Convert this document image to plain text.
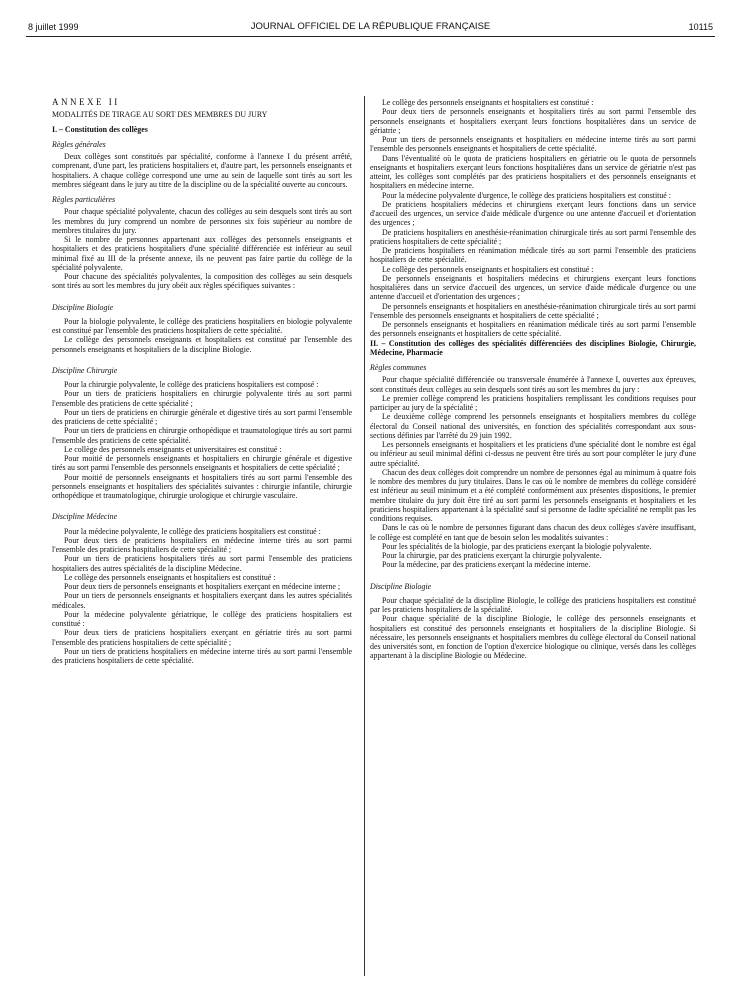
8 juillet 1999	JOURNAL OFFICIEL DE LA RÉPUBLIQUE FRANÇAISE	10115

ANNEXE II

MODALITÉS DE TIRAGE AU SORT DES MEMBRES DU JURY

I. – Constitution des collèges

Règles générales

Deux collèges sont constitués par spécialité, conforme à l'annexe I du présent arrêté, comprenant, d'une part, les praticiens hospitaliers et, d'autre part, les personnels enseignants et hospitaliers. A chaque collège correspond une urne au sein de laquelle sont tirés au sort les membres siégeant dans le jury au titre de la discipline ou de la spécialité ouverte au concours.

Règles particulières

Pour chaque spécialité polyvalente, chacun des collèges au sein desquels sont tirés au sort les membres du jury comprend un nombre de personnes six fois supérieur au nombre de membres titulaires du jury.

Si le nombre de personnes appartenant aux collèges des personnels enseignants et hospitaliers et des praticiens hospitaliers d'une spécialité différenciée est inférieur au seuil minimal fixé au III de la présente annexe, ils ne peuvent pas faire partie du collège de la spécialité polyvalente.

Pour chacune des spécialités polyvalentes, la composition des collèges au sein desquels sont tirés au sort les membres du jury obéit aux règles spécifiques suivantes :

Discipline Biologie

Pour la biologie polyvalente, le collège des praticiens hospitaliers en biologie polyvalente est constitué par l'ensemble des praticiens hospitaliers de cette spécialité.

Le collège des personnels enseignants et hospitaliers est constitué par l'ensemble des personnels enseignants et hospitaliers de la discipline Biologie.

Discipline Chirurgie

Pour la chirurgie polyvalente, le collège des praticiens hospitaliers est composé :

Pour un tiers de praticiens hospitaliers en chirurgie polyvalente tirés au sort parmi l'ensemble des praticiens de cette spécialité ;

Pour un tiers de praticiens en chirurgie générale et digestive tirés au sort parmi l'ensemble des praticiens de cette spécialité ;

Pour un tiers de praticiens en chirurgie orthopédique et traumatologique tirés au sort parmi l'ensemble des praticiens de cette spécialité.

Le collège des personnels enseignants et universitaires est constitué :

Pour moitié de personnels enseignants et hospitaliers en chirurgie générale et digestive tirés au sort parmi l'ensemble des personnels enseignants et hospitaliers de cette spécialité ;

Pour moitié de personnels enseignants et hospitaliers tirés au sort parmi l'ensemble des personnels enseignants et hospitaliers des spécialités suivantes : chirurgie infantile, chirurgie orthopédique et traumatologique, chirurgie urologique et chirurgie vasculaire.

Discipline Médecine

Pour la médecine polyvalente, le collège des praticiens hospitaliers est constitué :

Pour deux tiers de praticiens hospitaliers en médecine interne tirés au sort parmi l'ensemble des praticiens hospitaliers de cette spécialité ;

Pour un tiers de praticiens hospitaliers tirés au sort parmi l'ensemble des praticiens hospitaliers des autres spécialités de la discipline Médecine.

Le collège des personnels enseignants et hospitaliers est constitué :

Pour deux tiers de personnels enseignants et hospitaliers exerçant en médecine interne ;

Pour un tiers de personnels enseignants et hospitaliers exerçant dans les autres spécialités médicales.

Pour la médecine polyvalente gériatrique, le collège des praticiens hospitaliers est constitué :

Pour deux tiers de praticiens hospitaliers exerçant en gériatrie tirés au sort parmi l'ensemble des praticiens hospitaliers de cette spécialité ;

Pour un tiers de praticiens hospitaliers en médecine interne tirés au sort parmi l'ensemble des praticiens hospitaliers de cette spécialité.

Le collège des personnels enseignants et hospitaliers est constitué :

Pour deux tiers de personnels enseignants et hospitaliers tirés au sort parmi l'ensemble des personnels enseignants et hospitaliers exerçant leurs fonctions hospitalières dans un service de gériatrie ;

Pour un tiers de personnels enseignants et hospitaliers en médecine interne tirés au sort parmi l'ensemble des personnels enseignants et hospitaliers de cette spécialité.

Dans l'éventualité où le quota de praticiens hospitaliers en gériatrie ou le quota de personnels enseignants et hospitaliers exerçant leurs fonctions hospitalières dans un service de gériatrie n'est pas atteint, les collèges sont complétés par des praticiens hospitaliers et des personnels enseignants et hospitaliers en médecine interne.

Pour la médecine polyvalente d'urgence, le collège des praticiens hospitaliers est constitué :

De praticiens hospitaliers médecins et chirurgiens exerçant leurs fonctions dans un service d'accueil des urgences, un service d'aide médicale d'urgence ou une antenne d'accueil et d'orientation des urgences ;

De praticiens hospitaliers en anesthésie-réanimation chirurgicale tirés au sort parmi l'ensemble des praticiens hospitaliers de cette spécialité ;

De praticiens hospitaliers en réanimation médicale tirés au sort parmi l'ensemble des praticiens hospitaliers de cette spécialité.

Le collège des personnels enseignants et hospitaliers est constitué :

De personnels enseignants et hospitaliers médecins et chirurgiens exerçant leurs fonctions hospitalières dans un service d'accueil des urgences, un service d'aide médicale d'urgence ou une antenne d'accueil et d'orientation des urgences ;

De personnels enseignants et hospitaliers en anesthésie-réanimation chirurgicale tirés au sort parmi l'ensemble des personnels enseignants et hospitaliers de cette spécialité ;

De personnels enseignants et hospitaliers en réanimation médicale tirés au sort parmi l'ensemble des personnels enseignants et hospitaliers de cette spécialité.

II. – Constitution des collèges des spécialités différenciées des disciplines Biologie, Chirurgie, Médecine, Pharmacie

Règles communes

Pour chaque spécialité différenciée ou transversale énumérée à l'annexe I, ouvertes aux épreuves, sont constitués deux collèges au sein desquels sont tirés au sort les membres du jury :

Le premier collège comprend les praticiens hospitaliers remplissant les conditions requises pour participer au jury de la spécialité ;

Le deuxième collège comprend les personnels enseignants et hospitaliers membres du collège électoral du Conseil national des universités, en fonction des spécialités correspondant aux sous-sections définies par l'arrêté du 29 juin 1992.

Les personnels enseignants et hospitaliers et les praticiens d'une spécialité dont le nombre est égal ou inférieur au seuil minimal défini ci-dessus ne peuvent être tirés au sort pour compléter le jury d'une autre spécialité.

Chacun des deux collèges doit comprendre un nombre de personnes égal au minimum à quatre fois le nombre des membres du jury titulaires. Dans le cas où le nombre de membres du collège considéré est inférieur au seuil minimum et a été complété conformément aux présentes dispositions, le premier membre titulaire du jury doit être tiré au sort parmi les personnels enseignants et hospitaliers et les praticiens hospitaliers appartenant à la spécialité sauf si personne de ladite spécialité ne remplit pas les conditions requises.

Dans le cas où le nombre de personnes figurant dans chacun des deux collèges s'avère insuffisant, le collège est complété en tant que de besoin selon les modalités suivantes :

Pour les spécialités de la biologie, par des praticiens exerçant la biologie polyvalente.

Pour la chirurgie, par des praticiens exerçant la chirurgie polyvalente.

Pour la médecine, par des praticiens exerçant la médecine interne.

Discipline Biologie

Pour chaque spécialité de la discipline Biologie, le collège des praticiens hospitaliers est constitué par les praticiens hospitaliers de la spécialité.

Pour chaque spécialité de la discipline Biologie, le collège des personnels enseignants et hospitaliers est constitué des personnels enseignants et hospitaliers de la discipline Biologie. Si nécessaire, les personnels enseignants et hospitaliers membres du collège électoral du Conseil national des universités sont, en fonction de l'option d'exercice biologique ou clinique, versés dans les collèges appartenant à la discipline Biologie ou Médecine.
